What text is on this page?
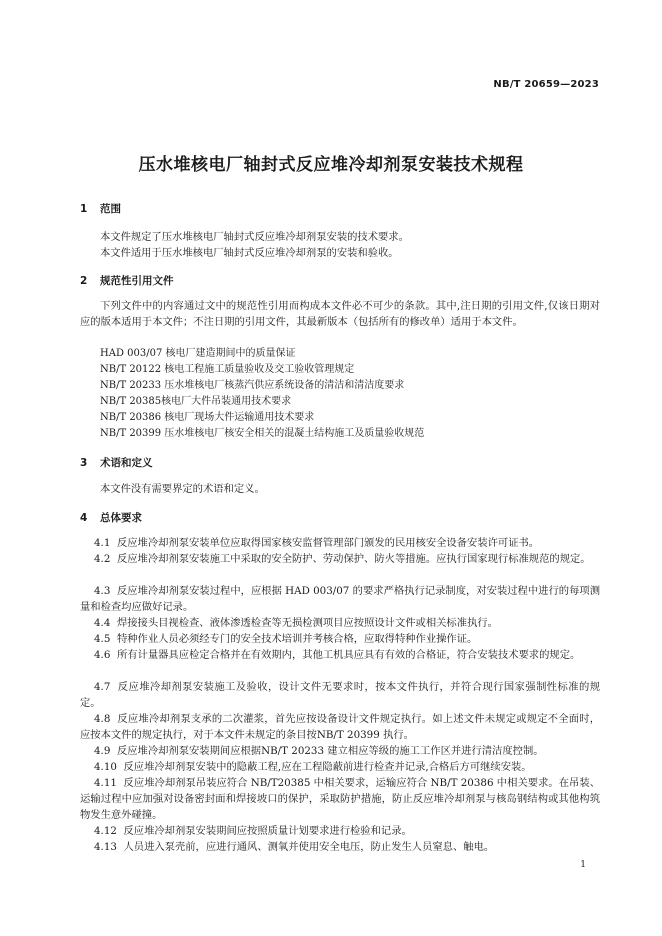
NB/T 20659—2023
压水堆核电厂轴封式反应堆冷却剂泵安装技术规程
1 范围
本文件规定了压水堆核电厂轴封式反应堆冷却剂泵安装的技术要求。
本文件适用于压水堆核电厂轴封式反应堆冷却剂泵的安装和验收。
2 规范性引用文件
下列文件中的内容通过文中的规范性引用而构成本文件必不可少的条款。其中,注日期的引用文件,仅该日期对应的版本适用于本文件；不注日期的引用文件，其最新版本（包括所有的修改单）适用于本文件。
HAD 003/07 核电厂建造期间中的质量保证
NB/T 20122 核电工程施工质量验收及交工验收管理规定
NB/T 20233 压水堆核电厂核蒸汽供应系统设备的清洁和清洁度要求
NB/T 20385核电厂大件吊装通用技术要求
NB/T 20386 核电厂现场大件运输通用技术要求
NB/T 20399 压水堆核电厂核安全相关的混凝土结构施工及质量验收规范
3 术语和定义
本文件没有需要界定的术语和定义。
4 总体要求
4.1 反应堆冷却剂泵安装单位应取得国家核安监督管理部门颁发的民用核安全设备安装许可证书。
4.2 反应堆冷却剂泵安装施工中采取的安全防护、劳动保护、防火等措施。应执行国家现行标准规范的规定。
4.3 反应堆冷却剂泵安装过程中，应根据 HAD 003/07 的要求严格执行记录制度，对安装过程中进行的每项测量和检查均应做好记录。
4.4 焊接接头目视检查、液体渗透检查等无损检测项目应按照设计文件或相关标准执行。
4.5 特种作业人员必须经专门的安全技术培训并考核合格，应取得特种作业操作证。
4.6 所有计量器具应检定合格并在有效期内，其他工机具应具有有效的合格证，符合安装技术要求的规定。
4.7 反应堆冷却剂泵安装施工及验收，设计文件无要求时，按本文件执行，并符合现行国家强制性标准的规定。
4.8 反应堆冷却剂泵支承的二次灌浆，首先应按设备设计文件规定执行。如上述文件未规定或规定不全面时，应按本文件的规定执行，对于本文件未规定的条目按NB/T 20399 执行。
4.9 反应堆冷却剂泵安装期间应根据NB/T 20233 建立相应等级的施工工作区并进行清洁度控制。
4.10 反应堆冷却剂泵安装中的隐蔽工程,应在工程隐蔽前进行检查并记录,合格后方可继续安装。
4.11 反应堆冷却剂泵吊装应符合 NB/T20385 中相关要求，运输应符合 NB/T 20386 中相关要求。在吊装、运输过程中应加强对设备密封面和焊接坡口的保护，采取防护措施，防止反应堆冷却剂泵与核岛钢结构或其他构筑物发生意外碰撞。
4.12 反应堆冷却剂泵安装期间应按照质量计划要求进行检验和记录。
4.13 人员进入泵壳前，应进行通风、测氧并使用安全电压，防止发生人员窒息、触电。
1
